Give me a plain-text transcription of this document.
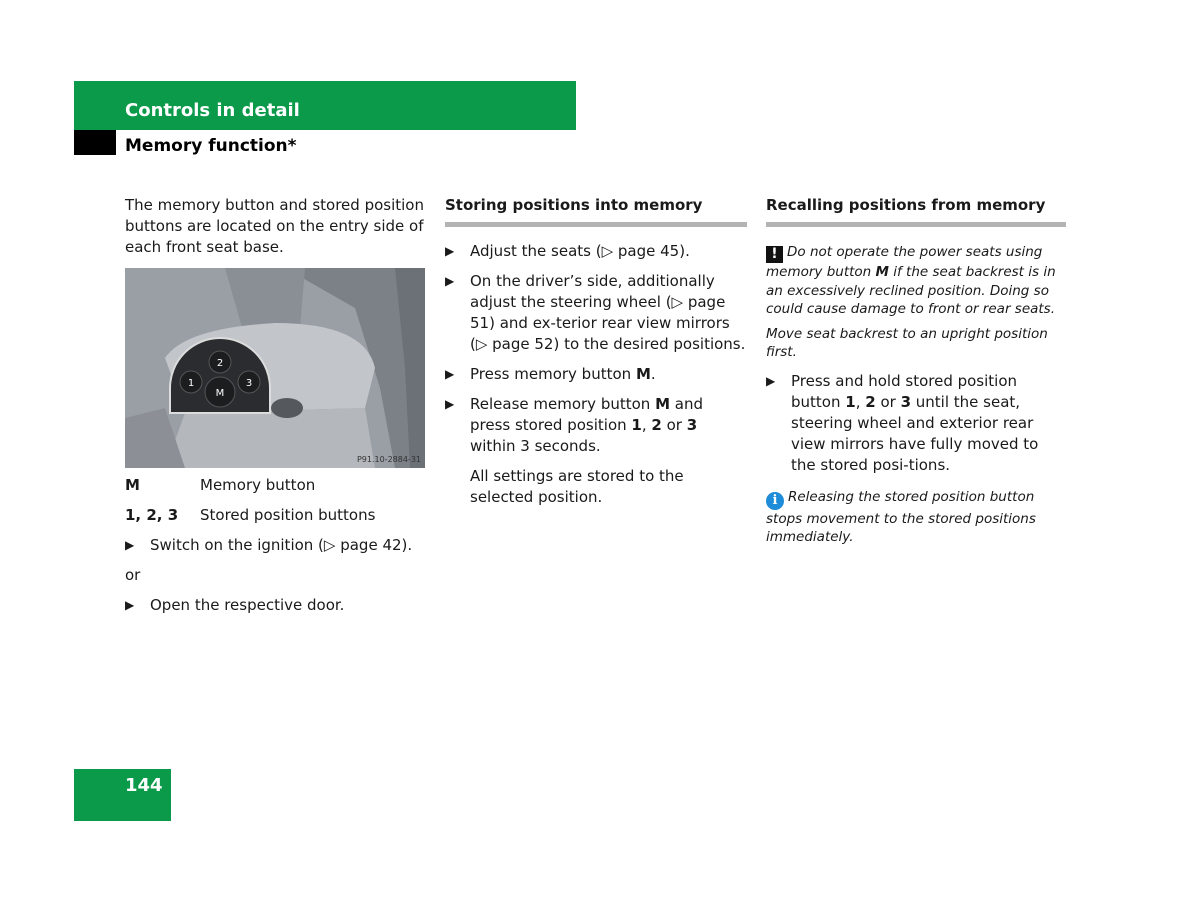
Controls in detail
Memory function*

The memory button and stored position buttons are located on the entry side of each front seat base.

1
2
3
M
P91.10-2884-31
M	Memory button
1, 2, 3	Stored position buttons

▶ Switch on the ignition (▷ page 42).

or

▶ Open the respective door.

Storing positions into memory

▶ Adjust the seats (▷ page 45).

▶ On the driver’s side, additionally adjust the steering wheel (▷ page 51) and ex-terior rear view mirrors (▷ page 52) to the desired positions.

▶ Press memory button M.

▶ Release memory button M and press stored position 1, 2 or 3 within 3 seconds.

All settings are stored to the selected position.

Recalling positions from memory

! Do not operate the power seats using memory button M if the seat backrest is in an excessively reclined position. Doing so could cause damage to front or rear seats.

Move seat backrest to an upright position first.

▶ Press and hold stored position button 1, 2 or 3 until the seat, steering wheel and exterior rear view mirrors have fully moved to the stored posi-tions.

i Releasing the stored position button stops movement to the stored positions immediately.

144
